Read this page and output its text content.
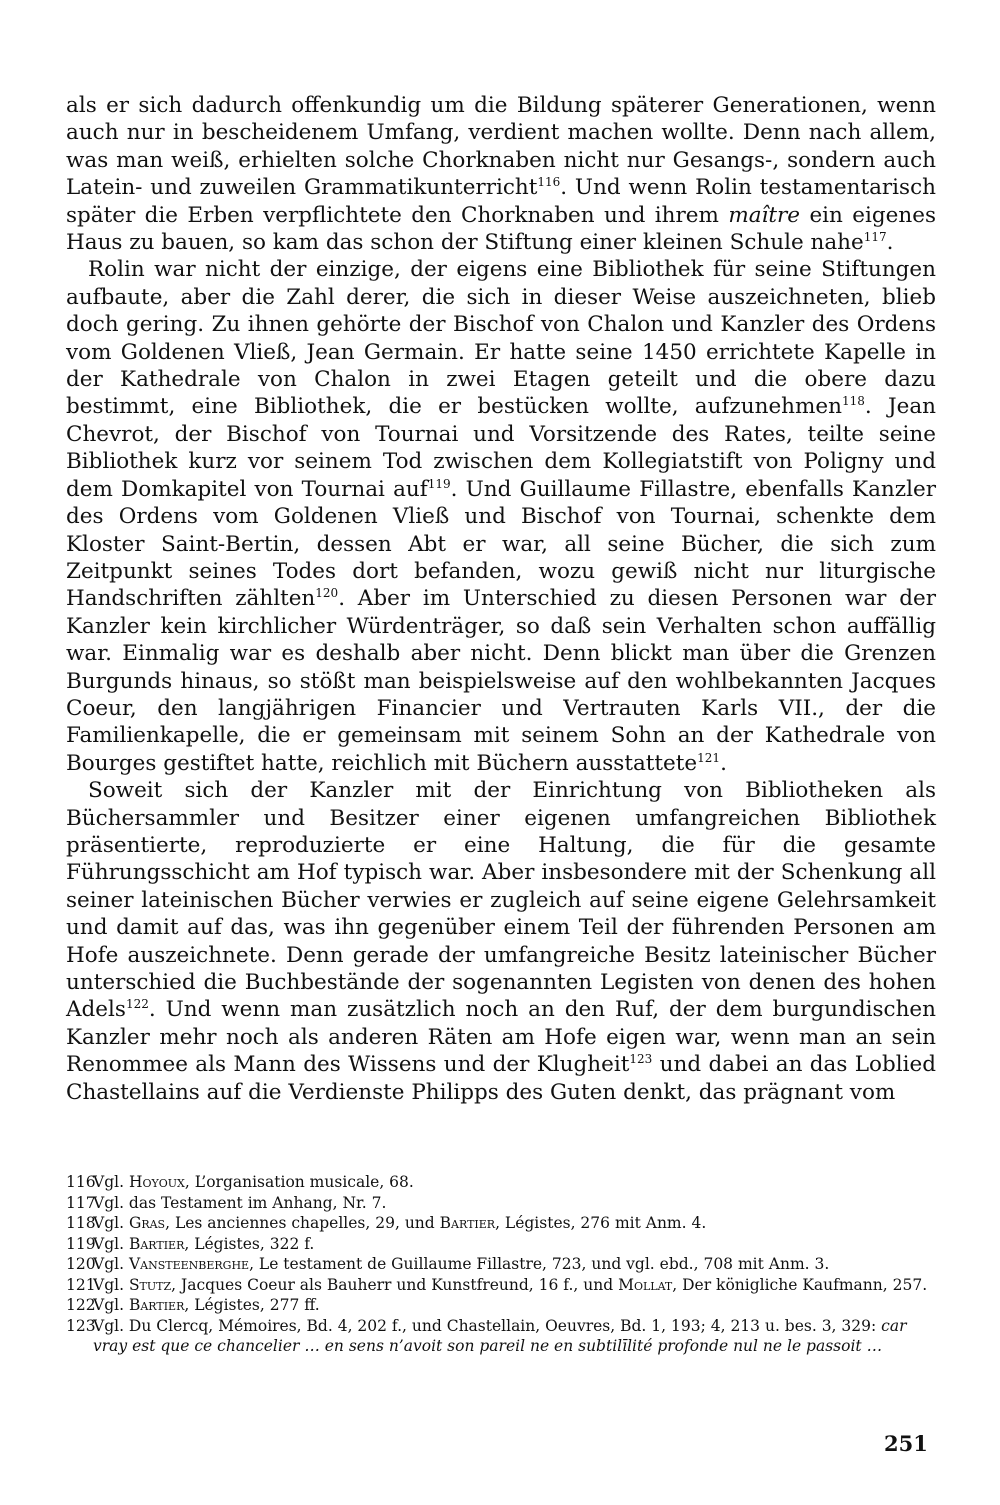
als er sich dadurch offenkundig um die Bildung späterer Generationen, wenn auch nur in bescheidenem Umfang, verdient machen wollte. Denn nach allem, was man weiß, erhielten solche Chorknaben nicht nur Gesangs-, sondern auch Latein- und zuweilen Grammatikunterricht$^{116}$. Und wenn Rolin testamentarisch später die Erben verpflichtete den Chorknaben und ihrem maître ein eigenes Haus zu bauen, so kam das schon der Stiftung einer kleinen Schule nahe$^{117}$.

Rolin war nicht der einzige, der eigens eine Bibliothek für seine Stiftungen aufbaute, aber die Zahl derer, die sich in dieser Weise auszeichneten, blieb doch gering. Zu ihnen gehörte der Bischof von Chalon und Kanzler des Ordens vom Goldenen Vließ, Jean Germain. Er hatte seine 1450 errichtete Kapelle in der Kathedrale von Chalon in zwei Etagen geteilt und die obere dazu bestimmt, eine Bibliothek, die er bestücken wollte, aufzunehmen$^{118}$. Jean Chevrot, der Bischof von Tournai und Vorsitzende des Rates, teilte seine Bibliothek kurz vor seinem Tod zwischen dem Kollegiatstift von Poligny und dem Domkapitel von Tournai auf$^{119}$. Und Guillaume Fillastre, ebenfalls Kanzler des Ordens vom Goldenen Vließ und Bischof von Tournai, schenkte dem Kloster Saint-Bertin, dessen Abt er war, all seine Bücher, die sich zum Zeitpunkt seines Todes dort befanden, wozu gewiß nicht nur liturgische Handschriften zählten$^{120}$. Aber im Unterschied zu diesen Personen war der Kanzler kein kirchlicher Würdenträger, so daß sein Verhalten schon auffällig war. Einmalig war es deshalb aber nicht. Denn blickt man über die Grenzen Burgunds hinaus, so stößt man beispielsweise auf den wohlbekannten Jacques Coeur, den langjährigen Financier und Vertrauten Karls VII., der die Familienkapelle, die er gemeinsam mit seinem Sohn an der Kathedrale von Bourges gestiftet hatte, reichlich mit Büchern ausstattete$^{121}$.

Soweit sich der Kanzler mit der Einrichtung von Bibliotheken als Büchersammler und Besitzer einer eigenen umfangreichen Bibliothek präsentierte, reproduzierte er eine Haltung, die für die gesamte Führungsschicht am Hof typisch war. Aber insbesondere mit der Schenkung all seiner lateinischen Bücher verwies er zugleich auf seine eigene Gelehrsamkeit und damit auf das, was ihn gegenüber einem Teil der führenden Personen am Hofe auszeichnete. Denn gerade der umfangreiche Besitz lateinischer Bücher unterschied die Buchbestände der sogenannten Legisten von denen des hohen Adels$^{122}$. Und wenn man zusätzlich noch an den Ruf, der dem burgundischen Kanzler mehr noch als anderen Räten am Hofe eigen war, wenn man an sein Renommee als Mann des Wissens und der Klugheit$^{123}$ und dabei an das Loblied Chastellains auf die Verdienste Philipps des Guten denkt, das prägnant vom

116
Vgl. Hoyoux, L’organisation musicale, 68.
117
Vgl. das Testament im Anhang, Nr. 7.
118
Vgl. Gras, Les anciennes chapelles, 29, und Bartier, Légistes, 276 mit Anm. 4.
119
Vgl. Bartier, Légistes, 322 f.
120
Vgl. Vansteenberghe, Le testament de Guillaume Fillastre, 723, und vgl. ebd., 708 mit Anm. 3.
121
Vgl. Stutz, Jacques Coeur als Bauherr und Kunstfreund, 16 f., und Mollat, Der königliche Kaufmann, 257.
122
Vgl. Bartier, Légistes, 277 ff.
123
Vgl. Du Clercq, Mémoires, Bd. 4, 202 f., und Chastellain, Oeuvres, Bd. 1, 193; 4, 213 u. bes. 3, 329: car vray est que ce chancelier … en sens n’avoit son pareil ne en subtilīlité profonde nul ne le passoit …
251
